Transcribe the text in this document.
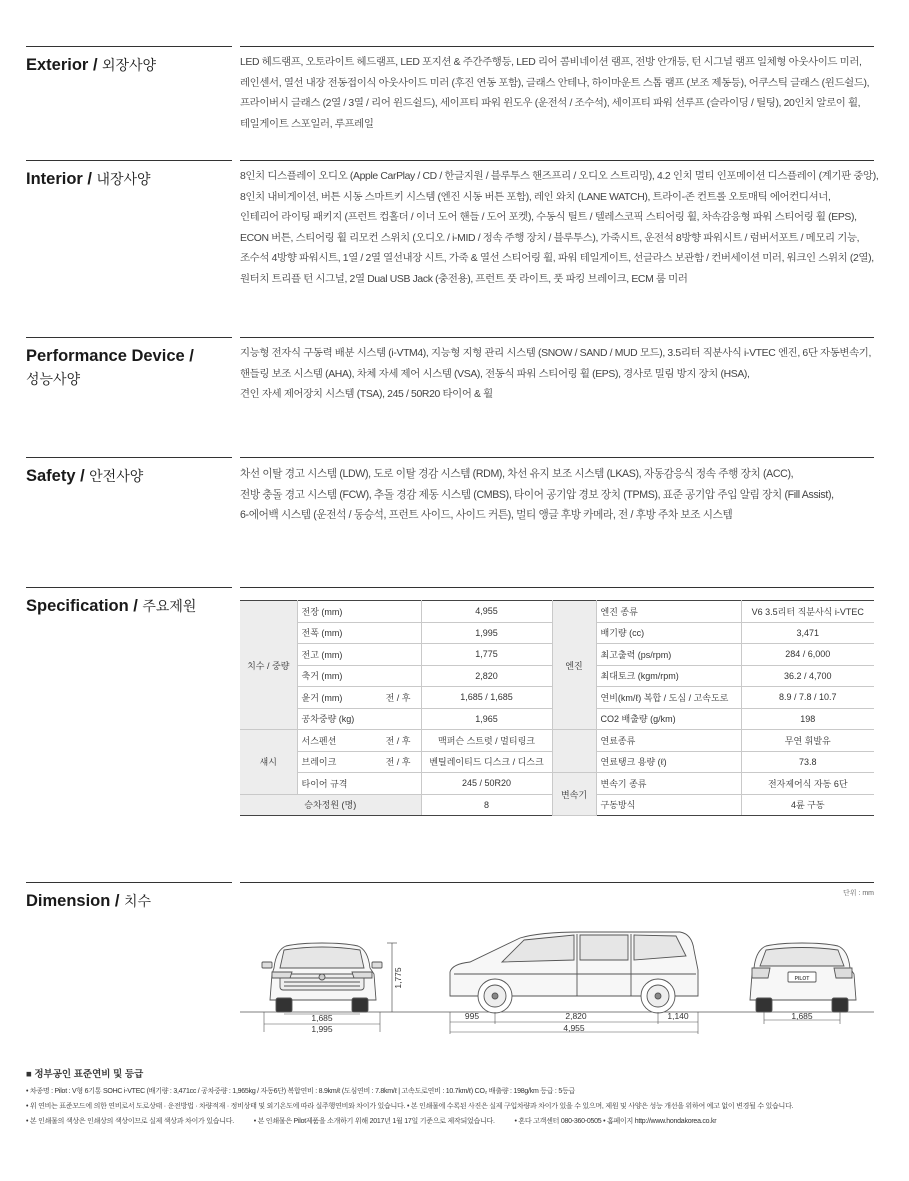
Exterior / 외장사양	LED 헤드램프, 오토라이트 헤드램프, LED 포지션 & 주간주행등, LED 리어 콤비네이션 램프, 전방 안개등, 턴 시그널 램프 일체형 아웃사이드 미러,
레인센서, 열선 내장 전동접이식 아웃사이드 미러 (후진 연동 포함), 글래스 안테나, 하이마운트 스톱 램프 (보조 제동등), 어쿠스틱 글래스 (윈드쉴드),
프라이버시 글래스 (2열 / 3열 / 리어 윈드쉴드), 세이프티 파워 윈도우 (운전석 / 조수석), 세이프티 파워 선루프 (슬라이딩 / 틸팅), 20인치 알로이 휠,
테일게이트 스포일러, 루프레일
Interior / 내장사양	8인치 디스플레이 오디오 (Apple CarPlay / CD / 한글지원 / 블루투스 핸즈프리 / 오디오 스트리밍), 4.2 인치 멀티 인포메이션 디스플레이 (계기판 중앙),
8인치 내비게이션, 버튼 시동 스마트키 시스템 (엔진 시동 버튼 포함), 레인 와치 (LANE WATCH), 트라이-존 컨트롤 오토매틱 에어컨디셔너,
인테리어 라이팅 패키지 (프런트 컵홀더 / 이너 도어 핸들 / 도어 포켓), 수동식 틸트 / 텔레스코픽 스티어링 휠, 차속감응형 파워 스티어링 휠 (EPS),
ECON 버튼, 스티어링 휠 리모컨 스위치 (오디오 / i-MID / 정속 주행 장치 / 블루투스), 가죽시트, 운전석 8방향 파워시트 / 럼버서포트 / 메모리 기능,
조수석 4방향 파워시트, 1열 / 2열 열선내장 시트, 가죽 & 열선 스티어링 휠, 파워 테일게이트, 선글라스 보관함 / 컨버세이션 미러, 워크인 스위치 (2열),
원터치 트리플 턴 시그널, 2열 Dual USB Jack (충전용), 프런트 풋 라이트, 풋 파킹 브레이크, ECM 룸 미러
Performance Device /
성능사양
지능형 전자식 구동력 배분 시스템 (i-VTM4), 지능형 지형 관리 시스템 (SNOW / SAND / MUD 모드), 3.5리터 직분사식 i-VTEC 엔진, 6단 자동변속기,
핸들링 보조 시스템 (AHA), 차체 자세 제어 시스템 (VSA), 전동식 파워 스티어링 휠 (EPS), 경사로 밀림 방지 장치 (HSA),
견인 자세 제어장치 시스템 (TSA), 245 / 50R20 타이어 & 휠
Safety / 안전사양	차선 이탈 경고 시스템 (LDW), 도로 이탈 경감 시스템 (RDM), 차선 유지 보조 시스템 (LKAS), 자동감응식 정속 주행 장치 (ACC),
전방 충돌 경고 시스템 (FCW), 추돌 경감 제동 시스템 (CMBS), 타이어 공기압 경보 장치 (TPMS), 표준 공기압 주입 알림 장치 (Fill Assist),
6-에어백 시스템 (운전석 / 동승석, 프런트 사이드, 사이드 커튼), 멀티 앵글 후방 카메라, 전 / 후방 주차 보조 시스템
Specification / 주요제원
치수 / 중량	전장 (mm)	4,955	엔진	엔진 종류	V6 3.5리터 직분사식 i-VTEC
	전폭 (mm)	1,995		배기량 (cc)	3,471
	전고 (mm)	1,775		최고출력 (ps/rpm)	284 / 6,000
	축거 (mm)	2,820		최대토크 (kgm/rpm)	36.2 / 4,700
	윤거 (mm) 전 / 후	1,685 / 1,685		연비(km/ℓ) 복합 / 도심 / 고속도로	8.9 / 7.8 / 10.7
	공차중량 (kg)	1,965		CO2 배출량 (g/km)	198
섀시	서스펜션 전 / 후	맥퍼슨 스트럿 / 멀티링크		연료종류	무연 휘발유
	브레이크 전 / 후	벤틸레이티드 디스크 / 디스크		연료탱크 용량 (ℓ)	73.8
	타이어 규격	245 / 50R20	변속기	변속기 종류	전자제어식 자동 6단
승차정원 (명)		8		구동방식	4륜 구동
Dimension / 치수	단위 : mm
1,775
1,685
1,995
995	2,820	1,140
4,955
1,685
PILOT
■ 정부공인 표준연비 및 등급
• 차종명 : Pilot : V형 6기통 SOHC i-VTEC (배기량 : 3,471cc / 공차중량 : 1,965kg / 자동6단) 복합연비 : 8.9km/ℓ (도심연비 : 7.8km/ℓ | 고속도로연비 : 10.7km/ℓ) CO₂ 배출량 : 198g/km 등급 : 5등급
• 위 연비는 표준모드에 의한 연비로서 도로상태 · 운전방법 · 차량적재 · 정비상태 및 외기온도에 따라 실주행연비와 차이가 있습니다. • 본 인쇄물에 수록된 사진은 실제 구입차량과 차이가 있을 수 있으며, 제원 및 사양은 성능 개선을 위하여 예고 없이 변경될 수 있습니다.
• 본 인쇄물의 색상은 인쇄상의 색상이므로 실제 색상과 차이가 있습니다.	• 본 인쇄물은 Pilot제품을 소개하기 위해 2017년 1월 17일 기준으로 제작되었습니다.	• 혼다 고객센터 080-360-0505 • 홈페이지 http://www.hondakorea.co.kr
